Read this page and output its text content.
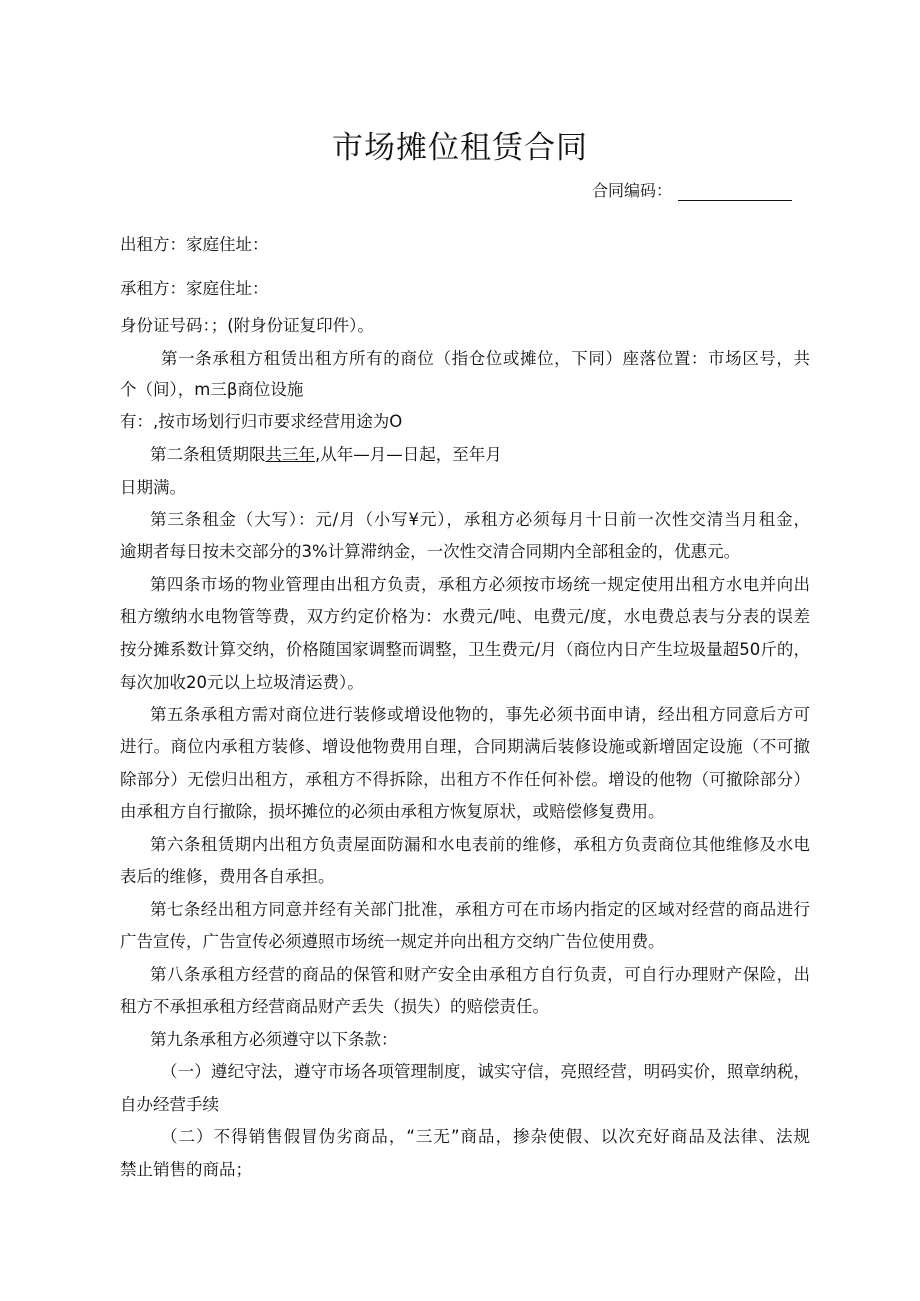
市场摊位租赁合同
合同编码：
出租方：家庭住址：
承租方：家庭住址：
身份证号码：；(附身份证复印件）。
第一条承租方租赁出租方所有的商位（指仓位或摊位，下同）座落位置：市场区号，共
个（间），m三β商位设施
有：,按市场划行归市要求经营用途为O
第二条租赁期限共三年,从年—月—日起，至年月
日期满。
第三条租金（大写）：元/月（小写¥元），承租方必须每月十日前一次性交清当月租金，
逾期者每日按未交部分的3%计算滞纳金，一次性交清合同期内全部租金的，优惠元。
第四条市场的物业管理由出租方负责，承租方必须按市场统一规定使用出租方水电并向出
租方缴纳水电物管等费，双方约定价格为：水费元/吨、电费元/度，水电费总表与分表的误差
按分摊系数计算交纳，价格随国家调整而调整，卫生费元/月（商位内日产生垃圾量超50斤的，
每次加收20元以上垃圾清运费）。
第五条承租方需对商位进行装修或增设他物的，事先必须书面申请，经出租方同意后方可
进行。商位内承租方装修、增设他物费用自理，合同期满后装修设施或新增固定设施（不可撤
除部分）无偿归出租方，承租方不得拆除，出租方不作任何补偿。增设的他物（可撤除部分）
由承租方自行撤除，损坏摊位的必须由承租方恢复原状，或赔偿修复费用。
第六条租赁期内出租方负责屋面防漏和水电表前的维修，承租方负责商位其他维修及水电
表后的维修，费用各自承担。
第七条经出租方同意并经有关部门批准，承租方可在市场内指定的区域对经营的商品进行
广告宣传，广告宣传必须遵照市场统一规定并向出租方交纳广告位使用费。
第八条承租方经营的商品的保管和财产安全由承租方自行负责，可自行办理财产保险，出
租方不承担承租方经营商品财产丢失（损失）的赔偿责任。
第九条承租方必须遵守以下条款：
（一）遵纪守法，遵守市场各项管理制度，诚实守信，亮照经营，明码实价，照章纳税，
自办经营手续
（二）不得销售假冒伪劣商品，“三无”商品，掺杂使假、以次充好商品及法律、法规
禁止销售的商品；
